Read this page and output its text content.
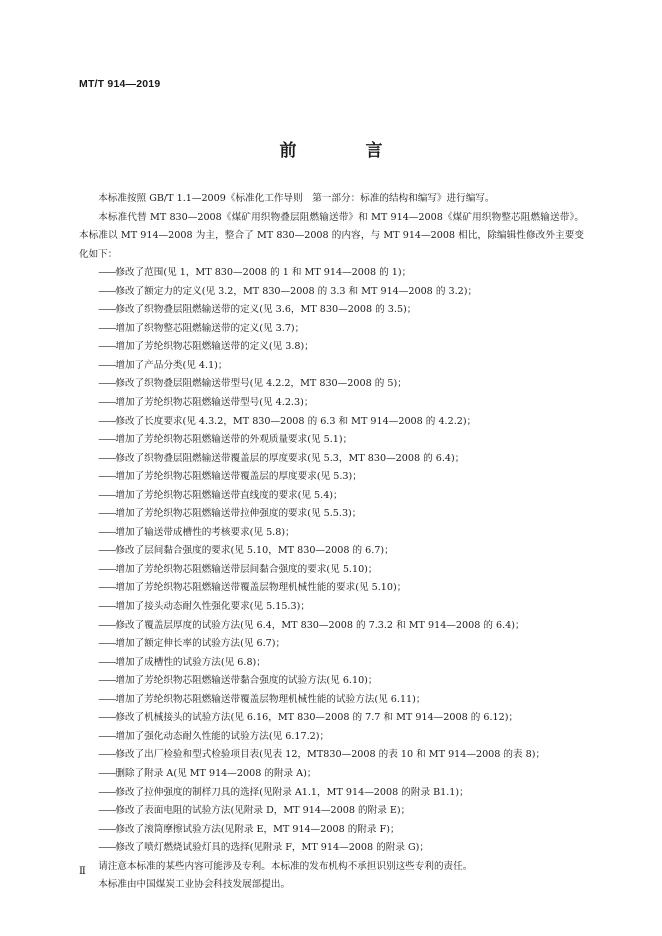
MT/T 914—2019
前　言

本标准按照 GB/T 1.1—2009《标准化工作导则　第一部分：标准的结构和编写》进行编写。

本标准代替 MT 830—2008《煤矿用织物叠层阻燃输送带》和 MT 914—2008《煤矿用织物整芯阻燃输送带》。本标准以 MT 914—2008 为主，整合了 MT 830—2008 的内容，与 MT 914—2008 相比，除编辑性修改外主要变化如下：

——修改了范围(见 1，MT 830—2008 的 1 和 MT 914—2008 的 1)；

——修改了额定力的定义(见 3.2，MT 830—2008 的 3.3 和 MT 914—2008 的 3.2)；

——修改了织物叠层阻燃输送带的定义(见 3.6，MT 830—2008 的 3.5)；

——增加了织物整芯阻燃输送带的定义(见 3.7)；

——增加了芳纶织物芯阻燃输送带的定义(见 3.8)；

——增加了产品分类(见 4.1)；

——修改了织物叠层阻燃输送带型号(见 4.2.2，MT 830—2008 的 5)；

——增加了芳纶织物芯阻燃输送带型号(见 4.2.3)；

——修改了长度要求(见 4.3.2，MT 830—2008 的 6.3 和 MT 914—2008 的 4.2.2)；

——增加了芳纶织物芯阻燃输送带的外观质量要求(见 5.1)；

——修改了织物叠层阻燃输送带覆盖层的厚度要求(见 5.3，MT 830—2008 的 6.4)；

——增加了芳纶织物芯阻燃输送带覆盖层的厚度要求(见 5.3)；

——增加了芳纶织物芯阻燃输送带直线度的要求(见 5.4)；

——增加了芳纶织物芯阻燃输送带拉伸强度的要求(见 5.5.3)；

——增加了输送带成槽性的考核要求(见 5.8)；

——修改了层间黏合强度的要求(见 5.10，MT 830—2008 的 6.7)；

——增加了芳纶织物芯阻燃输送带层间黏合强度的要求(见 5.10)；

——增加了芳纶织物芯阻燃输送带覆盖层物理机械性能的要求(见 5.10)；

——增加了接头动态耐久性强化要求(见 5.15.3)；

——修改了覆盖层厚度的试验方法(见 6.4，MT 830—2008 的 7.3.2 和 MT 914—2008 的 6.4)；

——增加了额定伸长率的试验方法(见 6.7)；

——增加了成槽性的试验方法(见 6.8)；

——增加了芳纶织物芯阻燃输送带黏合强度的试验方法(见 6.10)；

——增加了芳纶织物芯阻燃输送带覆盖层物理机械性能的试验方法(见 6.11)；

——修改了机械接头的试验方法(见 6.16，MT 830—2008 的 7.7 和 MT 914—2008 的 6.12)；

——增加了强化动态耐久性能的试验方法(见 6.17.2)；

——修改了出厂检验和型式检验项目表(见表 12，MT830—2008 的表 10 和 MT 914—2008 的表 8)；

——删除了附录 A(见 MT 914—2008 的附录 A)；

——修改了拉伸强度的制样刀具的选择(见附录 A1.1，MT 914—2008 的附录 B1.1)；

——修改了表面电阻的试验方法(见附录 D，MT 914—2008 的附录 E)；

——修改了滚筒摩擦试验方法(见附录 E，MT 914—2008 的附录 F)；

——修改了喷灯燃烧试验灯具的选择(见附录 F，MT 914—2008 的附录 G)；

请注意本标准的某些内容可能涉及专利。本标准的发布机构不承担识别这些专利的责任。

本标准由中国煤炭工业协会科技发展部提出。

Ⅱ
